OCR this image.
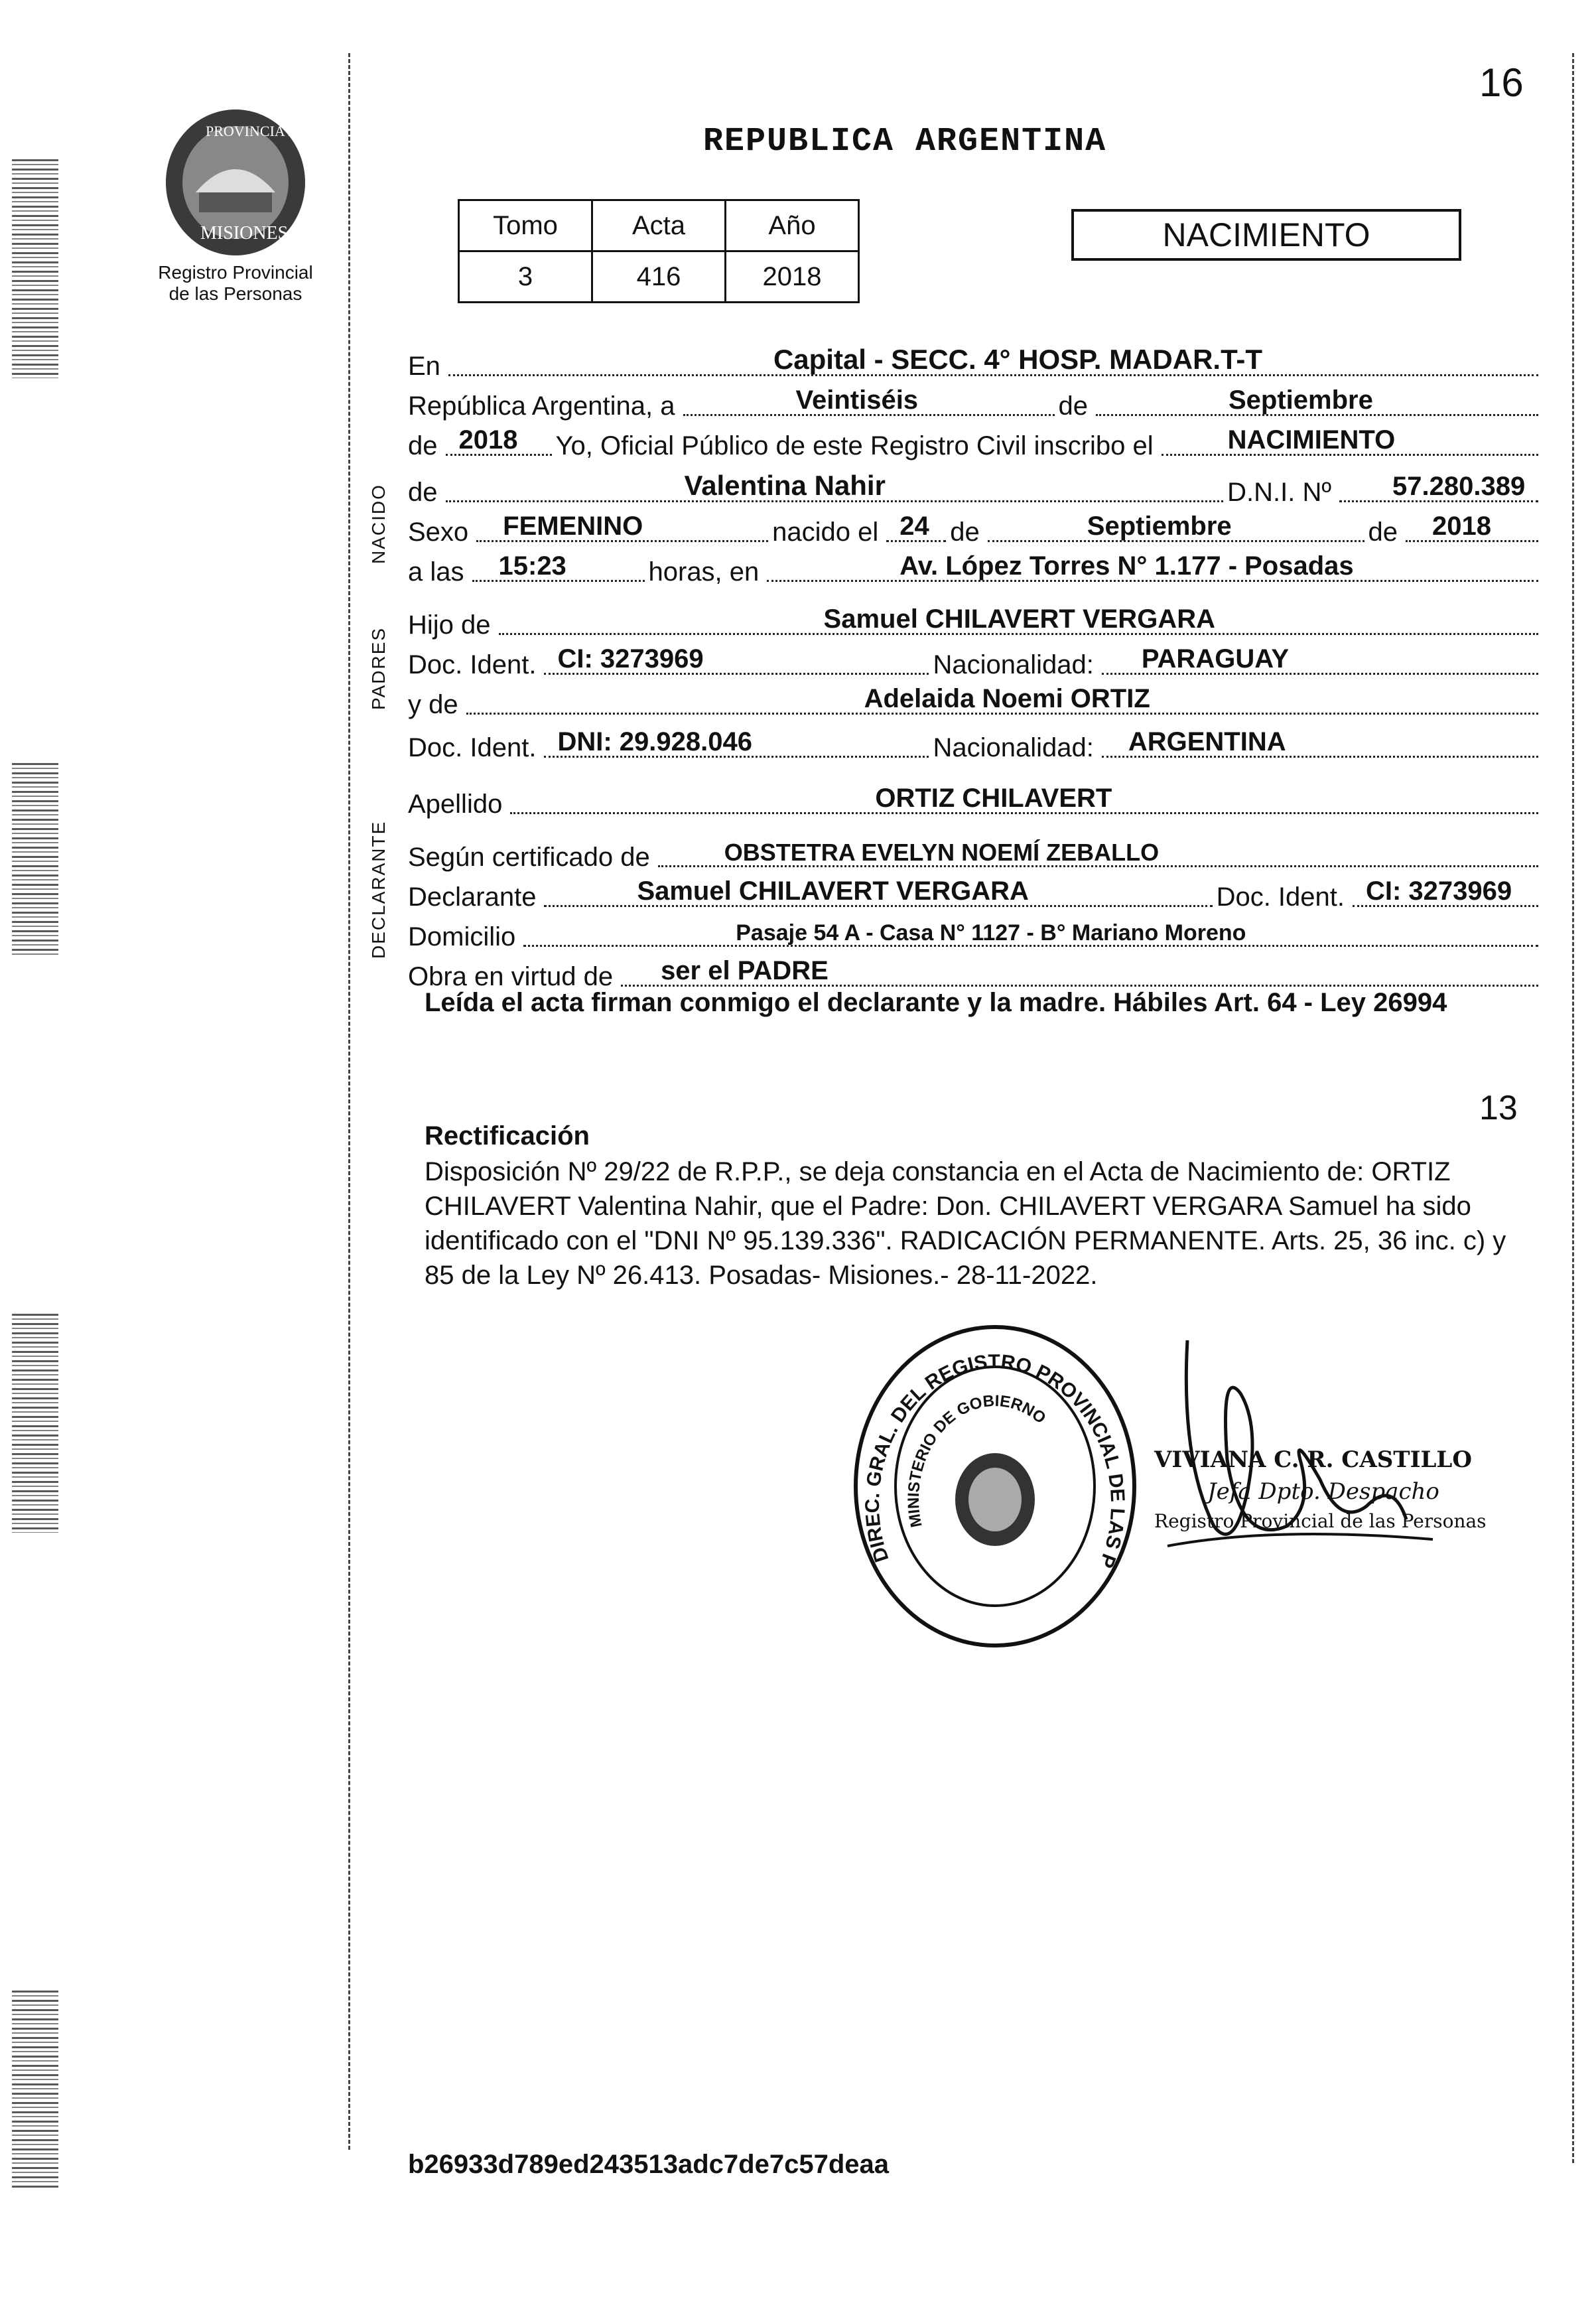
16
PROVINCIA DE
MISIONES
Registro Provincial
de las Personas
REPUBLICA ARGENTINA
Tomo	Acta	Año
3	416	2018
NACIMIENTO
NACIDO
PADRES
DECLARANTE
En	Capital - SECC. 4° HOSP. MADAR.T-T
República Argentina, a	Veintiséis	de	Septiembre
de 2018 Yo, Oficial Público de este Registro Civil inscribo el	NACIMIENTO
de	Valentina Nahir	D.N.I. Nº 57.280.389
Sexo FEMENINO	nacido el 24 de	Septiembre	de 2018
a las 15:23	horas, en	Av. López Torres N° 1.177 - Posadas
Hijo de	Samuel CHILAVERT VERGARA
Doc. Ident. CI: 3273969	Nacionalidad: PARAGUAY
y de	Adelaida Noemi ORTIZ
Doc. Ident. DNI: 29.928.046	Nacionalidad: ARGENTINA
Apellido	ORTIZ CHILAVERT
Según certificado de	OBSTETRA EVELYN NOEMÍ ZEBALLO
Declarante	Samuel CHILAVERT VERGARA	Doc. Ident. CI: 3273969
Domicilio	Pasaje 54 A - Casa N° 1127 - B° Mariano Moreno
Obra en virtud de ser el PADRE
Leída el acta firman conmigo el declarante y la madre. Hábiles Art. 64 - Ley 26994
13
Rectificación
Disposición Nº 29/22 de R.P.P., se deja constancia en el Acta de Nacimiento de: ORTIZ CHILAVERT Valentina Nahir, que el Padre: Don. CHILAVERT VERGARA Samuel ha sido identificado con el "DNI Nº 95.139.336". RADICACIÓN PERMANENTE. Arts. 25, 36 inc. c) y 85 de la Ley Nº 26.413. Posadas- Misiones.- 28-11-2022.
DIREC. GRAL. DEL REGISTRO PROVINCIAL DE LAS P
MINISTERIO DE GOBIERNO
VIVIANA C. R. CASTILLO
Jefa Dpto. Despacho
Registro Provincial de las Personas
b26933d789ed243513adc7de7c57deaa
